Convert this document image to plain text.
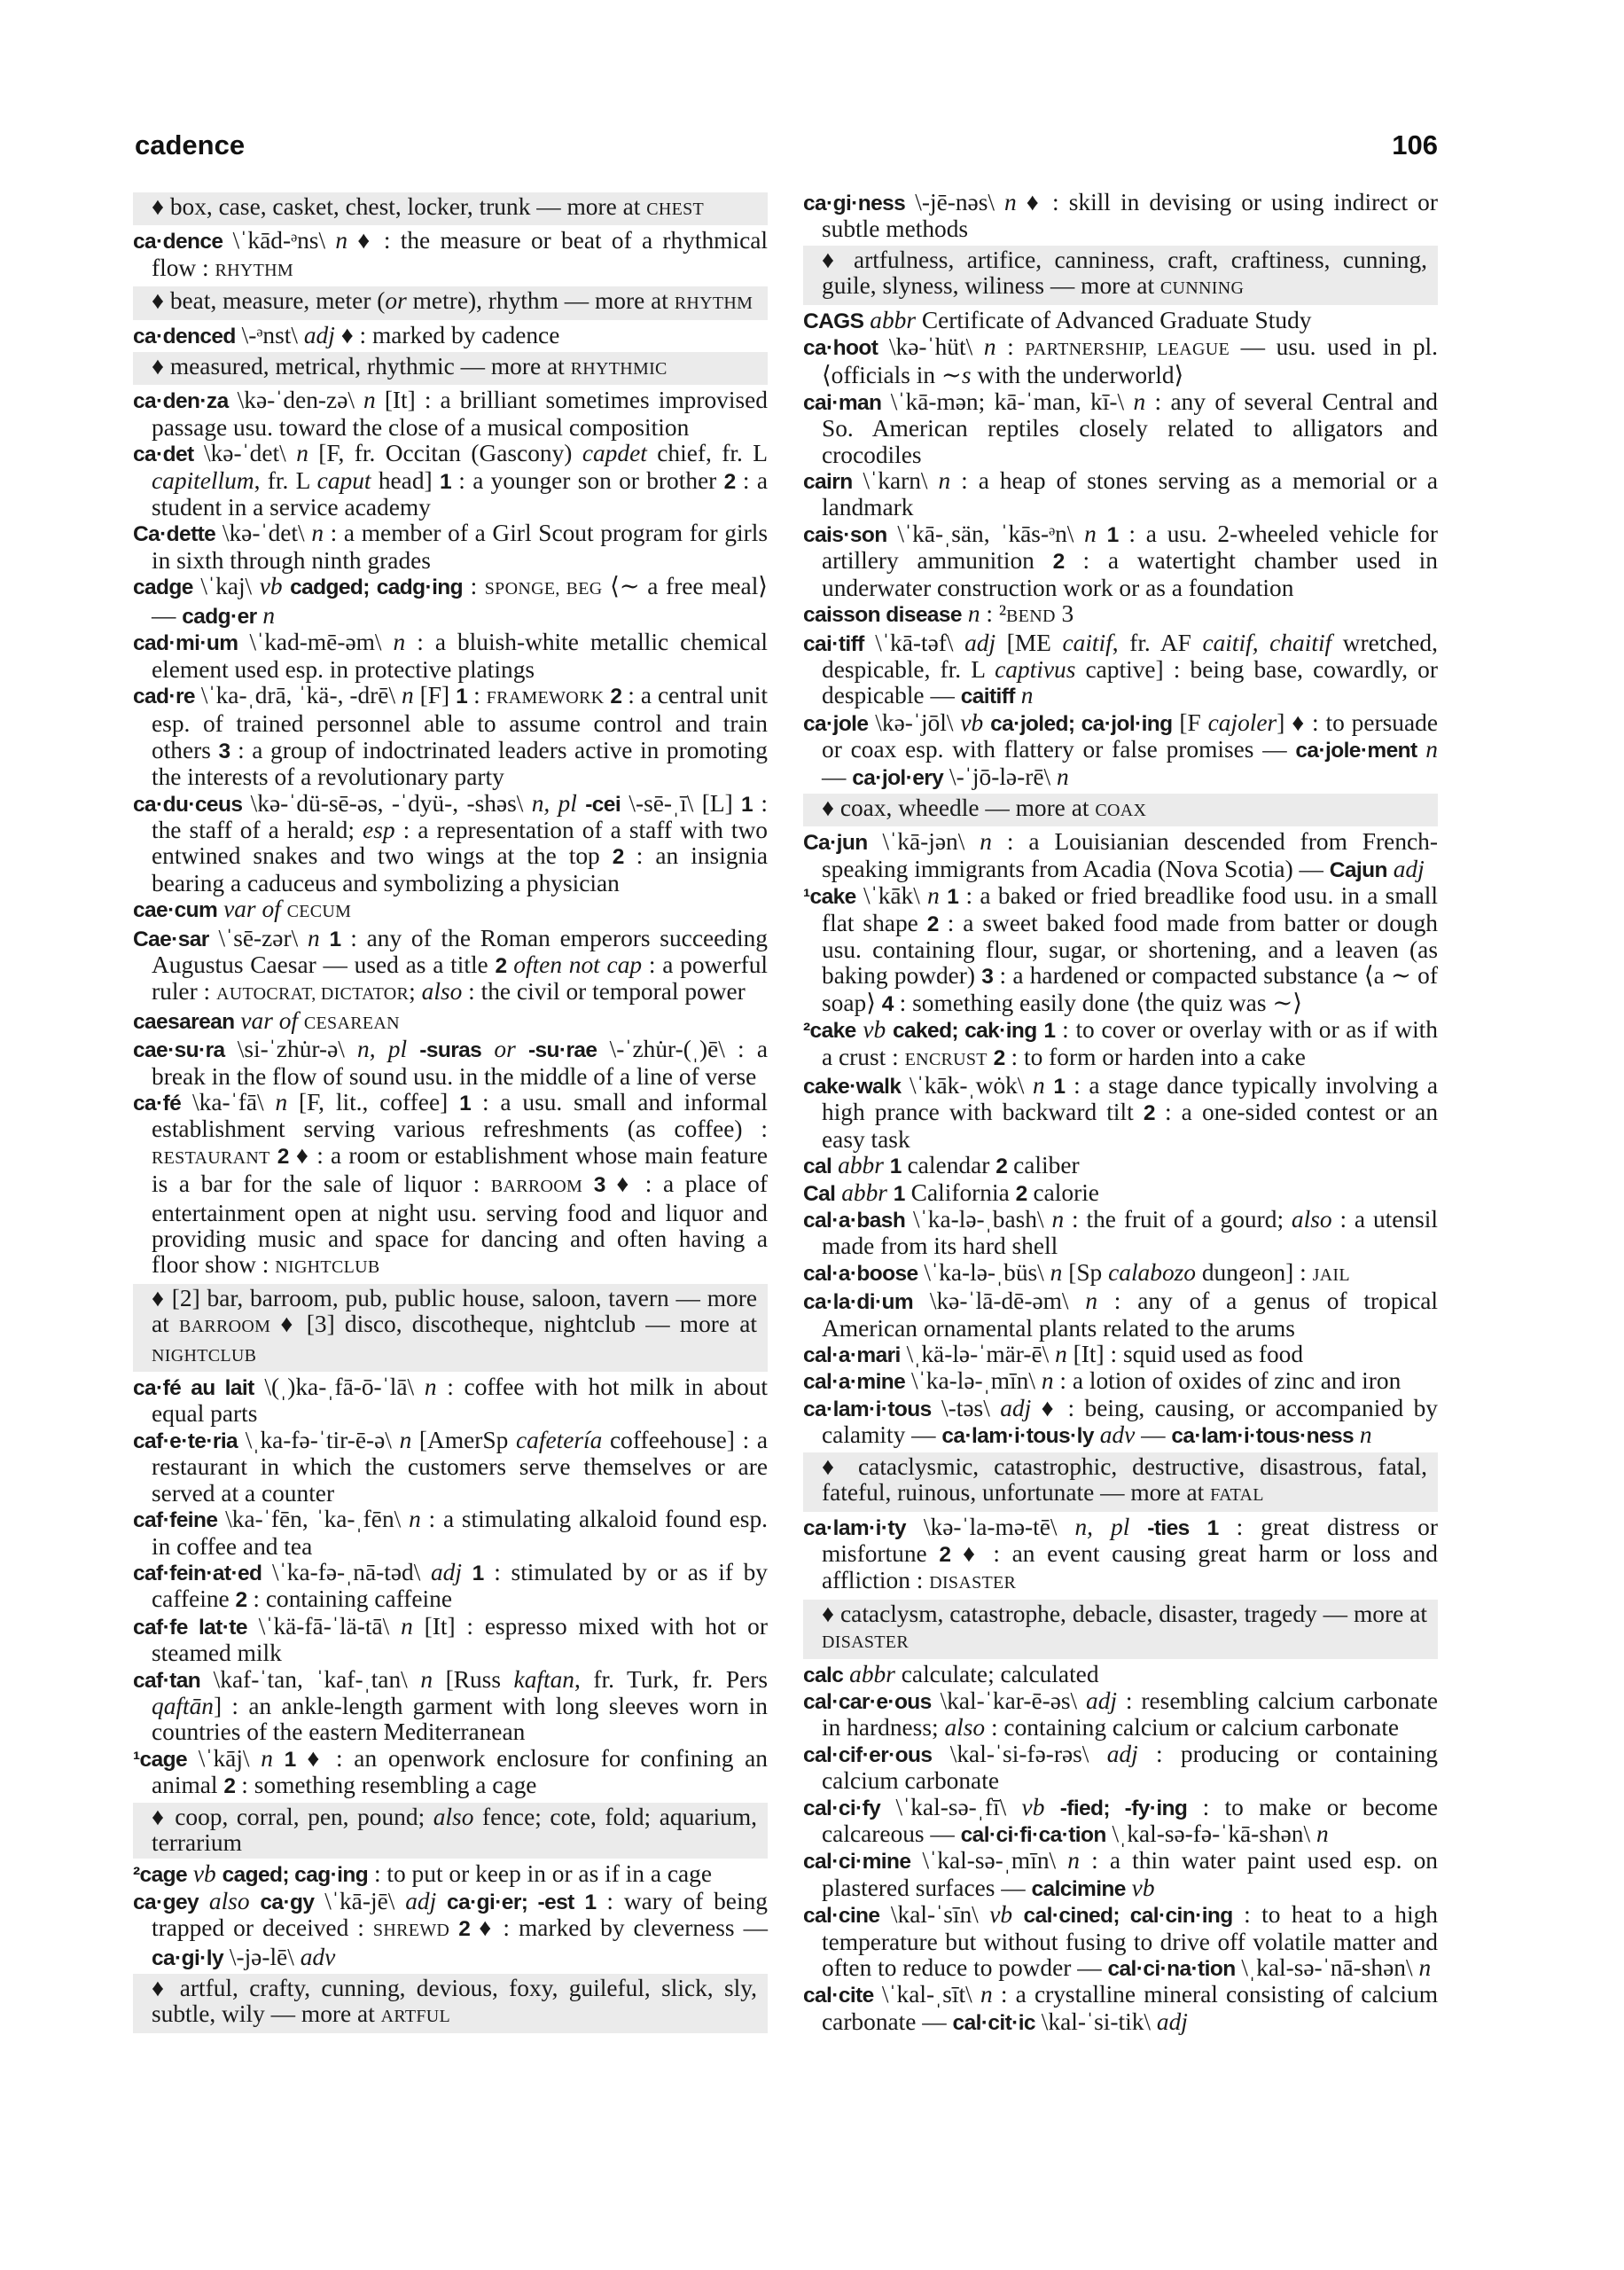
cadence	106
♦ box, case, casket, chest, locker, trunk — more at CHEST
ca·dence \ˈkād-ᵊns\ n ♦ : the measure or beat of a rhythmical flow : RHYTHM
♦ beat, measure, meter (or metre), rhythm — more at RHYTHM
ca·denced \-ᵊnst\ adj ♦ : marked by cadence
♦ measured, metrical, rhythmic — more at RHYTHMIC
ca·den·za \kə-ˈden-zə\ n [It] : a brilliant sometimes improvised passage usu. toward the close of a musical composition
ca·det \kə-ˈdet\ n [F, fr. Occitan (Gascony) capdet chief, fr. L capitellum, fr. L caput head] 1 : a younger son or brother 2 : a student in a service academy
Ca·dette \kə-ˈdet\ n : a member of a Girl Scout program for girls in sixth through ninth grades
cadge \ˈkaj\ vb cadged; cadg·ing : SPONGE, BEG ⟨∼ a free meal⟩ — cadg·er n
cad·mi·um \ˈkad-mē-əm\ n : a bluish-white metallic chemical element used esp. in protective platings
cad·re \ˈka-ˌdrā, ˈkä-, -drē\ n [F] 1 : FRAMEWORK 2 : a central unit esp. of trained personnel able to assume control and train others 3 : a group of indoctrinated leaders active in promoting the interests of a revolutionary party
ca·du·ceus \kə-ˈdü-sē-əs, -ˈdyü-, -shəs\ n, pl -cei \-sē-ˌī\ [L] 1 : the staff of a herald; esp : a representation of a staff with two entwined snakes and two wings at the top 2 : an insignia bearing a caduceus and symbolizing a physician
cae·cum var of CECUM
Cae·sar \ˈsē-zər\ n 1 : any of the Roman emperors succeeding Augustus Caesar — used as a title 2 often not cap : a powerful ruler : AUTOCRAT, DICTATOR; also : the civil or temporal power
caesarean var of CESAREAN
cae·su·ra \si-ˈzhu̇r-ə\ n, pl -suras or -su·rae \-ˈzhu̇r-(ˌ)ē\ : a break in the flow of sound usu. in the middle of a line of verse
ca·fé \ka-ˈfā\ n [F, lit., coffee] 1 : a usu. small and informal establishment serving various refreshments (as coffee) : RESTAURANT 2 ♦ : a room or establishment whose main feature is a bar for the sale of liquor : BARROOM 3 ♦ : a place of entertainment open at night usu. serving food and liquor and providing music and space for dancing and often having a floor show : NIGHTCLUB
♦ [2] bar, barroom, pub, public house, saloon, tavern — more at BARROOM ♦ [3] disco, discotheque, nightclub — more at NIGHTCLUB
ca·fé au lait \(ˌ)ka-ˌfā-ō-ˈlā\ n : coffee with hot milk in about equal parts
caf·e·te·ria \ˌka-fə-ˈtir-ē-ə\ n [AmerSp cafetería coffeehouse] : a restaurant in which the customers serve themselves or are served at a counter
caf·feine \ka-ˈfēn, ˈka-ˌfēn\ n : a stimulating alkaloid found esp. in coffee and tea
caf·fein·at·ed \ˈka-fə-ˌnā-təd\ adj 1 : stimulated by or as if by caffeine 2 : containing caffeine
caf·fe lat·te \ˈkä-fā-ˈlä-tā\ n [It] : espresso mixed with hot or steamed milk
caf·tan \kaf-ˈtan, ˈkaf-ˌtan\ n [Russ kaftan, fr. Turk, fr. Pers qaftān] : an ankle-length garment with long sleeves worn in countries of the eastern Mediterranean
¹cage \ˈkāj\ n 1 ♦ : an openwork enclosure for confining an animal 2 : something resembling a cage
♦ coop, corral, pen, pound; also fence; cote, fold; aquarium, terrarium
²cage vb caged; cag·ing : to put or keep in or as if in a cage
ca·gey also ca·gy \ˈkā-jē\ adj ca·gi·er; -est 1 : wary of being trapped or deceived : SHREWD 2 ♦ : marked by cleverness — ca·gi·ly \-jə-lē\ adv
♦ artful, crafty, cunning, devious, foxy, guileful, slick, sly, subtle, wily — more at ARTFUL
ca·gi·ness \-jē-nəs\ n ♦ : skill in devising or using indirect or subtle methods
♦ artfulness, artifice, canniness, craft, craftiness, cunning, guile, slyness, wiliness — more at CUNNING
CAGS abbr Certificate of Advanced Graduate Study
ca·hoot \kə-ˈhüt\ n : PARTNERSHIP, LEAGUE — usu. used in pl. ⟨officials in ∼s with the underworld⟩
cai·man \ˈkā-mən; kā-ˈman, kī-\ n : any of several Central and So. American reptiles closely related to alligators and crocodiles
cairn \ˈkarn\ n : a heap of stones serving as a memorial or a landmark
cais·son \ˈkā-ˌsän, ˈkās-ᵊn\ n 1 : a usu. 2-wheeled vehicle for artillery ammunition 2 : a watertight chamber used in underwater construction work or as a foundation
caisson disease n : ²BEND 3
cai·tiff \ˈkā-təf\ adj [ME caitif, fr. AF caitif, chaitif wretched, despicable, fr. L captivus captive] : being base, cowardly, or despicable — caitiff n
ca·jole \kə-ˈjōl\ vb ca·joled; ca·jol·ing [F cajoler] ♦ : to persuade or coax esp. with flattery or false promises — ca·jole·ment n — ca·jol·ery \-ˈjō-lə-rē\ n
♦ coax, wheedle — more at COAX
Ca·jun \ˈkā-jən\ n : a Louisianian descended from French-speaking immigrants from Acadia (Nova Scotia) — Cajun adj
¹cake \ˈkāk\ n 1 : a baked or fried breadlike food usu. in a small flat shape 2 : a sweet baked food made from batter or dough usu. containing flour, sugar, or shortening, and a leaven (as baking powder) 3 : a hardened or compacted substance ⟨a ∼ of soap⟩ 4 : something easily done ⟨the quiz was ∼⟩
²cake vb caked; cak·ing 1 : to cover or overlay with or as if with a crust : ENCRUST 2 : to form or harden into a cake
cake·walk \ˈkāk-ˌwȯk\ n 1 : a stage dance typically involving a high prance with backward tilt 2 : a one-sided contest or an easy task
cal abbr 1 calendar 2 caliber
Cal abbr 1 California 2 calorie
cal·a·bash \ˈka-lə-ˌbash\ n : the fruit of a gourd; also : a utensil made from its hard shell
cal·a·boose \ˈka-lə-ˌbüs\ n [Sp calabozo dungeon] : JAIL
ca·la·di·um \kə-ˈlā-dē-əm\ n : any of a genus of tropical American ornamental plants related to the arums
cal·a·mari \ˌkä-lə-ˈmär-ē\ n [It] : squid used as food
cal·a·mine \ˈka-lə-ˌmīn\ n : a lotion of oxides of zinc and iron
ca·lam·i·tous \-təs\ adj ♦ : being, causing, or accompanied by calamity — ca·lam·i·tous·ly adv — ca·lam·i·tous·ness n
♦ cataclysmic, catastrophic, destructive, disastrous, fatal, fateful, ruinous, unfortunate — more at FATAL
ca·lam·i·ty \kə-ˈla-mə-tē\ n, pl -ties 1 : great distress or misfortune 2 ♦ : an event causing great harm or loss and affliction : DISASTER
♦ cataclysm, catastrophe, debacle, disaster, tragedy — more at DISASTER
calc abbr calculate; calculated
cal·car·e·ous \kal-ˈkar-ē-əs\ adj : resembling calcium carbonate in hardness; also : containing calcium or calcium carbonate
cal·cif·er·ous \kal-ˈsi-fə-rəs\ adj : producing or containing calcium carbonate
cal·ci·fy \ˈkal-sə-ˌfī\ vb -fied; -fy·ing : to make or become calcareous — cal·ci·fi·ca·tion \ˌkal-sə-fə-ˈkā-shən\ n
cal·ci·mine \ˈkal-sə-ˌmīn\ n : a thin water paint used esp. on plastered surfaces — calcimine vb
cal·cine \kal-ˈsīn\ vb cal·cined; cal·cin·ing : to heat to a high temperature but without fusing to drive off volatile matter and often to reduce to powder — cal·ci·na·tion \ˌkal-sə-ˈnā-shən\ n
cal·cite \ˈkal-ˌsīt\ n : a crystalline mineral consisting of calcium carbonate — cal·cit·ic \kal-ˈsi-tik\ adj
